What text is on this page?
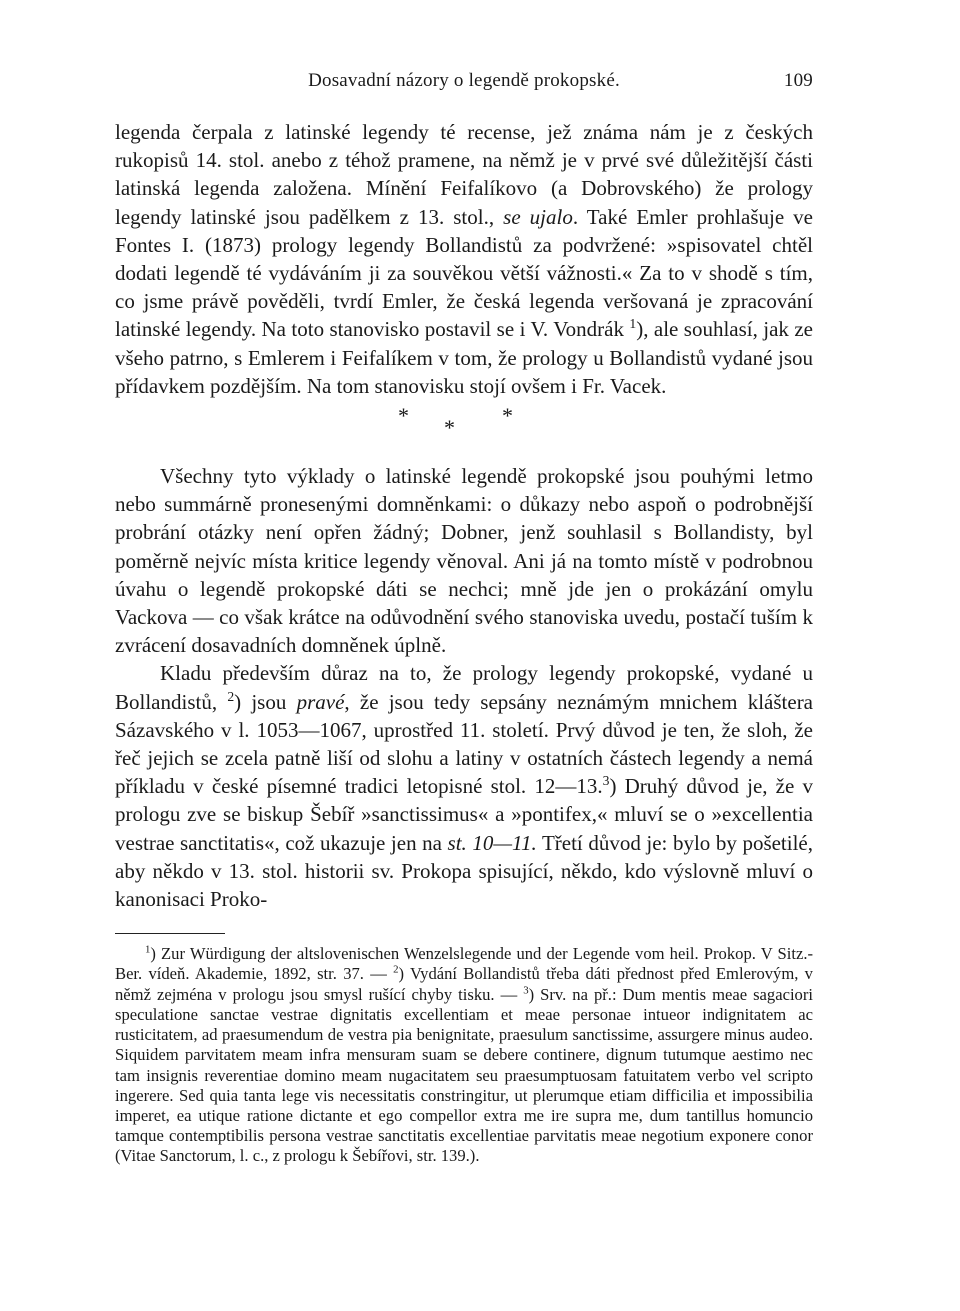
Dosavadní názory o legendě prokopské.	109

legenda čerpala z latinské legendy té recense, jež známa nám je z českých rukopisů 14. stol. anebo z téhož pramene, na němž je v prvé své důležitější části latinská legenda založena. Mínění Feifalíkovo (a Dobrovského) že prology legendy latinské jsou padělkem z 13. stol., se ujalo. Také Emler prohlašuje ve Fontes I. (1873) prology legendy Bollandistů za podvržené: »spisovatel chtěl dodati legendě té vydáváním ji za souvěkou větší vážnosti.« Za to v shodě s tím, co jsme právě pověděli, tvrdí Emler, že česká legenda veršovaná je zpracování latinské legendy. Na toto stanovisko postavil se i V. Vondrák $^1$), ale souhlasí, jak ze všeho patrno, s Emlerem i Feifalíkem v tom, že prology u Bollandistů vydané jsou přídavkem pozdějším. Na tom stanovisku stojí ovšem i Fr. Vacek.

* * *

Všechny tyto výklady o latinské legendě prokopské jsou pouhými letmo nebo summárně pronesenými domněnkami: o důkazy nebo aspoň o podrobnější probrání otázky není opřen žádný; Dobner, jenž souhlasil s Bollandisty, byl poměrně nejvíc místa kritice legendy věnoval. Ani já na tomto místě v podrobnou úvahu o legendě prokopské dáti se nechci; mně jde jen o prokázání omylu Vackova — co však krátce na odůvodnění svého stanoviska uvedu, postačí tuším k zvrácení dosavadních domněnek úplně.

Kladu především důraz na to, že prology legendy prokopské, vydané u Bollandistů, $^2$) jsou pravé, že jsou tedy sepsány neznámým mnichem kláštera Sázavského v l. 1053—1067, uprostřed 11. století. Prvý důvod je ten, že sloh, že řeč jejich se zcela patně liší od slohu a latiny v ostatních částech legendy a nemá příkladu v české písemné tradici letopisné stol. 12—13.$^3$) Druhý důvod je, že v prologu zve se biskup Šebíř »sanctissimus« a »pontifex,« mluví se o »excellentia vestrae sanctitatis«, což ukazuje jen na st. 10—11. Třetí důvod je: bylo by pošetilé, aby někdo v 13. stol. historii sv. Prokopa spisující, někdo, kdo výslovně mluví o kanonisaci Proko-

$^1$) Zur Würdigung der altslovenischen Wenzelslegende und der Legende vom heil. Prokop. V Sitz.-Ber. vídeň. Akademie, 1892, str. 37. — $^2$) Vydání Bollandistů třeba dáti přednost před Emlerovým, v němž zejména v prologu jsou smysl rušící chyby tisku. — $^3$) Srv. na př.: Dum mentis meae sagaciori speculatione sanctae vestrae dignitatis excellentiam et meae personae intueor indignitatem ac rusticitatem, ad praesumendum de vestra pia benignitate, praesulum sanctissime, assurgere minus audeo. Siquidem parvitatem meam infra mensuram suam se debere continere, dignum tutumque aestimo nec tam insignis reverentiae domino meam nugacitatem seu praesumptuosam fatuitatem verbo vel scripto ingerere. Sed quia tanta lege vis necessitatis constringitur, ut plerumque etiam difficilia et impossibilia imperet, ea utique ratione dictante et ego compellor extra me ire supra me, dum tantillus homuncio tamque contemptibilis persona vestrae sanctitatis excellentiae parvitatis meae negotium exponere conor (Vitae Sanctorum, l. c., z prologu k Šebířovi, str. 139.).
